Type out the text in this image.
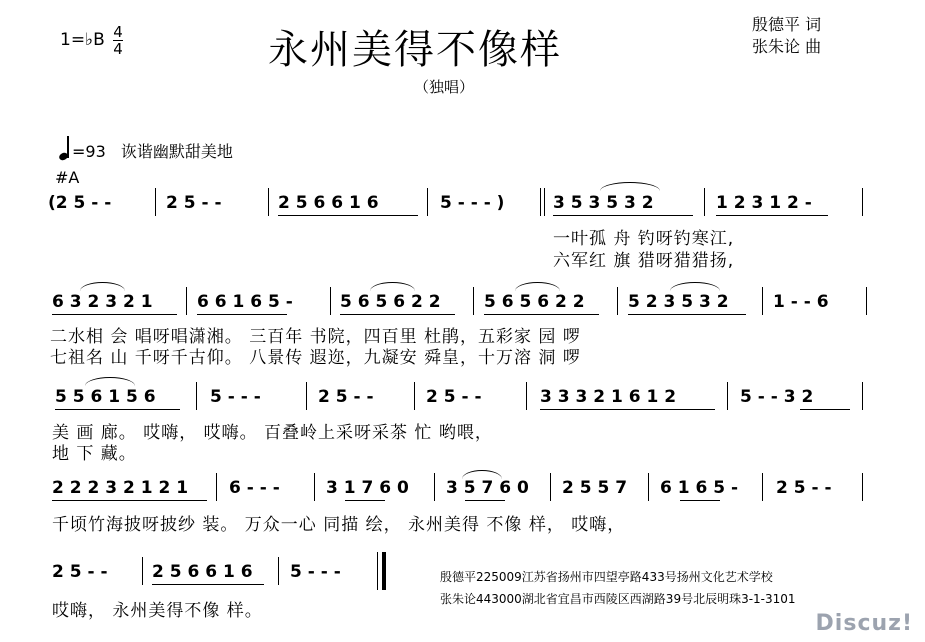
1=♭B 4
4	永州美得不像样
（独唱）
殷德平 词
张朱论 曲
=93 诙谐幽默甜美地
#A
(2 5 - -	2 5 - -	2 5 6 6 1 6	5 - - - )	3 5 3 5 3 2	1 2 3 1 2 -
一叶孤 舟 钓呀钓寒江,
六军红 旗 猎呀猎猎扬,
6 3 2 3 2 1	6 6 1 6 5 -	5 6 5 6 2 2	5 6 5 6 2 2	5 2 3 5 3 2	1 - - 6
二水相 会 唱呀唱潇湘。 三百年 书院，四百里 杜鹃，五彩家 园 啰
七祖名 山 千呀千古仰。 八景传 遐迩，九凝安 舜皇，十万溶 洞 啰
5 5 6 1 5 6	5 - - -	2 5 - -	2 5 - -	3 3 3 2 1 6 1 2	5 - - 3 2
美 画 廊。 哎嗨， 哎嗨。 百叠岭上采呀采茶 忙 哟喂，
地 下 藏。
2 2 2 3 2 1 2 1 6 - - -	3 1 7 6 0 3 5 7 6 0 2 5 5 7 6 1 6 5 - 2 5 - -
千顷竹海披呀披纱 装。 万众一心 同描 绘， 永州美得 不像 样， 哎嗨，
2 5 - -	2 5 6 6 1 6 5 - - -
哎嗨， 永州美得不像 样。
殷德平225009江苏省扬州市四望亭路433号扬州文化艺术学校
张朱论443000湖北省宜昌市西陵区西湖路39号北辰明珠3-1-3101
Discuz!
